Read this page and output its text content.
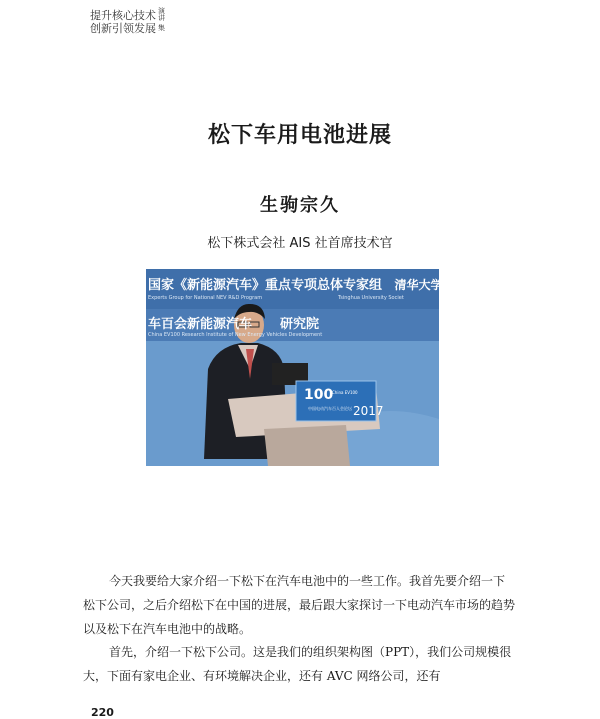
提升核心技术 演讲
创新引领发展 集
松下车用电池进展
生驹宗久
松下株式会社 AIS 社首席技术官
国家《新能源汽车》重点专项总体专家组 清华大学 中
Experts Group for National NEV R&D Program	Tsinghua University Societ
车百会新能源汽车 研究院
China EV100 Research Institute of New Energy Vehicles Development
100
China EV100
中国电动汽车百人会论坛 2017
今天我要给大家介绍一下松下在汽车电池中的一些工作。我首先要介绍一下松下公司，之后介绍松下在中国的进展，最后跟大家探讨一下电动汽车市场的趋势以及松下在汽车电池中的战略。
首先，介绍一下松下公司。这是我们的组织架构图（PPT），我们公司规模很大，下面有家电企业、有环境解决企业，还有 AVC 网络公司，还有
220
